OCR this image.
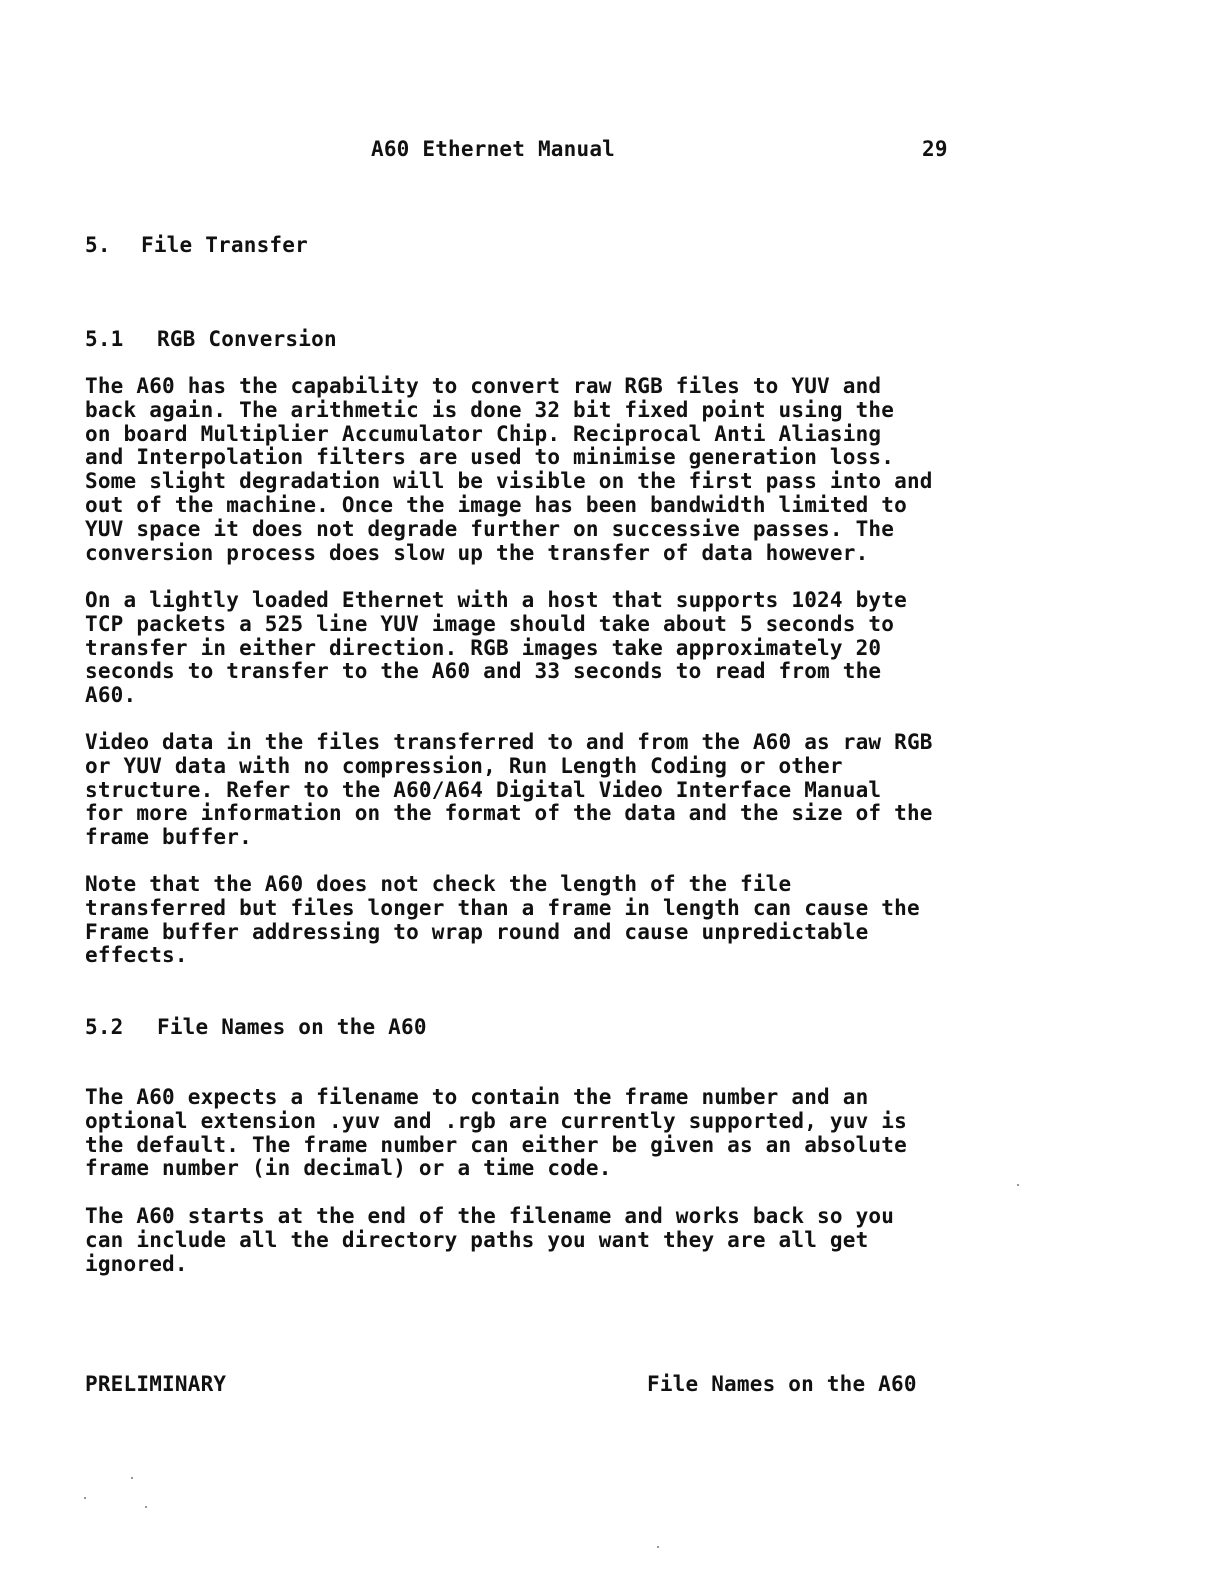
A60 Ethernet Manual	29
5. File Transfer
5.1 RGB Conversion
The A60 has the capability to convert raw RGB files to YUV and
back again. The arithmetic is done 32 bit fixed point using the
on board Multiplier Accumulator Chip. Reciprocal Anti Aliasing
and Interpolation filters are used to minimise generation loss.
Some slight degradation will be visible on the first pass into and
out of the machine. Once the image has been bandwidth limited to
YUV space it does not degrade further on successive passes. The
conversion process does slow up the transfer of data however.
On a lightly loaded Ethernet with a host that supports 1024 byte
TCP packets a 525 line YUV image should take about 5 seconds to
transfer in either direction. RGB images take approximately 20
seconds to transfer to the A60 and 33 seconds to read from the
A60.
Video data in the files transferred to and from the A60 as raw RGB
or YUV data with no compression, Run Length Coding or other
structure. Refer to the A60/A64 Digital Video Interface Manual
for more information on the format of the data and the size of the
frame buffer.
Note that the A60 does not check the length of the file
transferred but files longer than a frame in length can cause the
Frame buffer addressing to wrap round and cause unpredictable
effects.
5.2 File Names on the A60
The A60 expects a filename to contain the frame number and an
optional extension .yuv and .rgb are currently supported, yuv is
the default. The frame number can either be given as an absolute
frame number (in decimal) or a time code.
The A60 starts at the end of the filename and works back so you
can include all the directory paths you want they are all get
ignored.
PRELIMINARY	File Names on the A60
